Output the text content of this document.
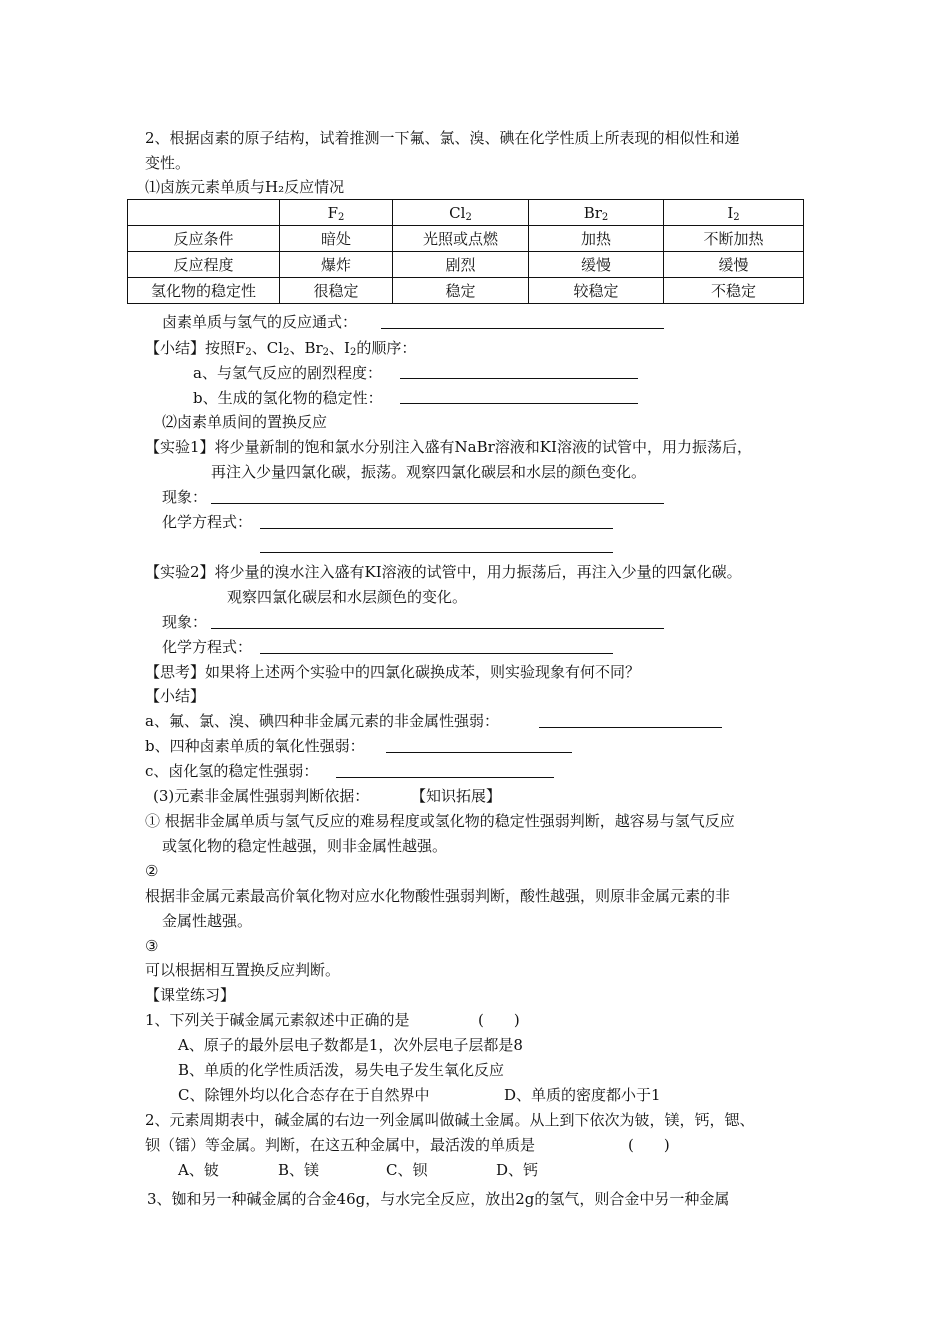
2、根据卤素的原子结构，试着推测一下氟、氯、溴、碘在化学性质上所表现的相似性和递
变性。
⑴卤族元素单质与H₂反应情况
	$F_2$	$Cl_2$	$Br_2$	$I_2$
反应条件	暗处	光照或点燃	加热	不断加热
反应程度	爆炸	剧烈	缓慢	缓慢
氢化物的稳定性	很稳定	稳定	较稳定	不稳定
卤素单质与氢气的反应通式：
【小结】按照$F_2$、$Cl_2$、$Br_2$、$I_2$的顺序：
a、与氢气反应的剧烈程度：
b、生成的氢化物的稳定性：
⑵卤素单质间的置换反应
【实验1】将少量新制的饱和氯水分别注入盛有NaBr溶液和KI溶液的试管中，用力振荡后，
再注入少量四氯化碳，振荡。观察四氯化碳层和水层的颜色变化。
现象：
化学方程式：
【实验2】将少量的溴水注入盛有KI溶液的试管中，用力振荡后，再注入少量的四氯化碳。
观察四氯化碳层和水层颜色的变化。
现象：
化学方程式：
【思考】如果将上述两个实验中的四氯化碳换成苯，则实验现象有何不同？
【小结】
a、氟、氯、溴、碘四种非金属元素的非金属性强弱：
b、四种卤素单质的氧化性强弱：
c、卤化氢的稳定性强弱：
(3)元素非金属性强弱判断依据：	【知识拓展】
① 根据非金属单质与氢气反应的难易程度或氢化物的稳定性强弱判断，越容易与氢气反应
或氢化物的稳定性越强，则非金属性越强。
②
根据非金属元素最高价氧化物对应水化物酸性强弱判断，酸性越强，则原非金属元素的非
金属性越强。
③
可以根据相互置换反应判断。
【课堂练习】
1、下列关于碱金属元素叙述中正确的是	(　　)
A、原子的最外层电子数都是1，次外层电子层都是8
B、单质的化学性质活泼，易失电子发生氧化反应
C、除锂外均以化合态存在于自然界中	D、单质的密度都小于1
2、元素周期表中，碱金属的右边一列金属叫做碱土金属。从上到下依次为铍，镁，钙，锶、
钡（镭）等金属。判断，在这五种金属中，最活泼的单质是	(　　)
A、铍	B、镁	C、钡	D、钙
3、铷和另一种碱金属的合金46g，与水完全反应，放出2g的氢气，则合金中另一种金属
